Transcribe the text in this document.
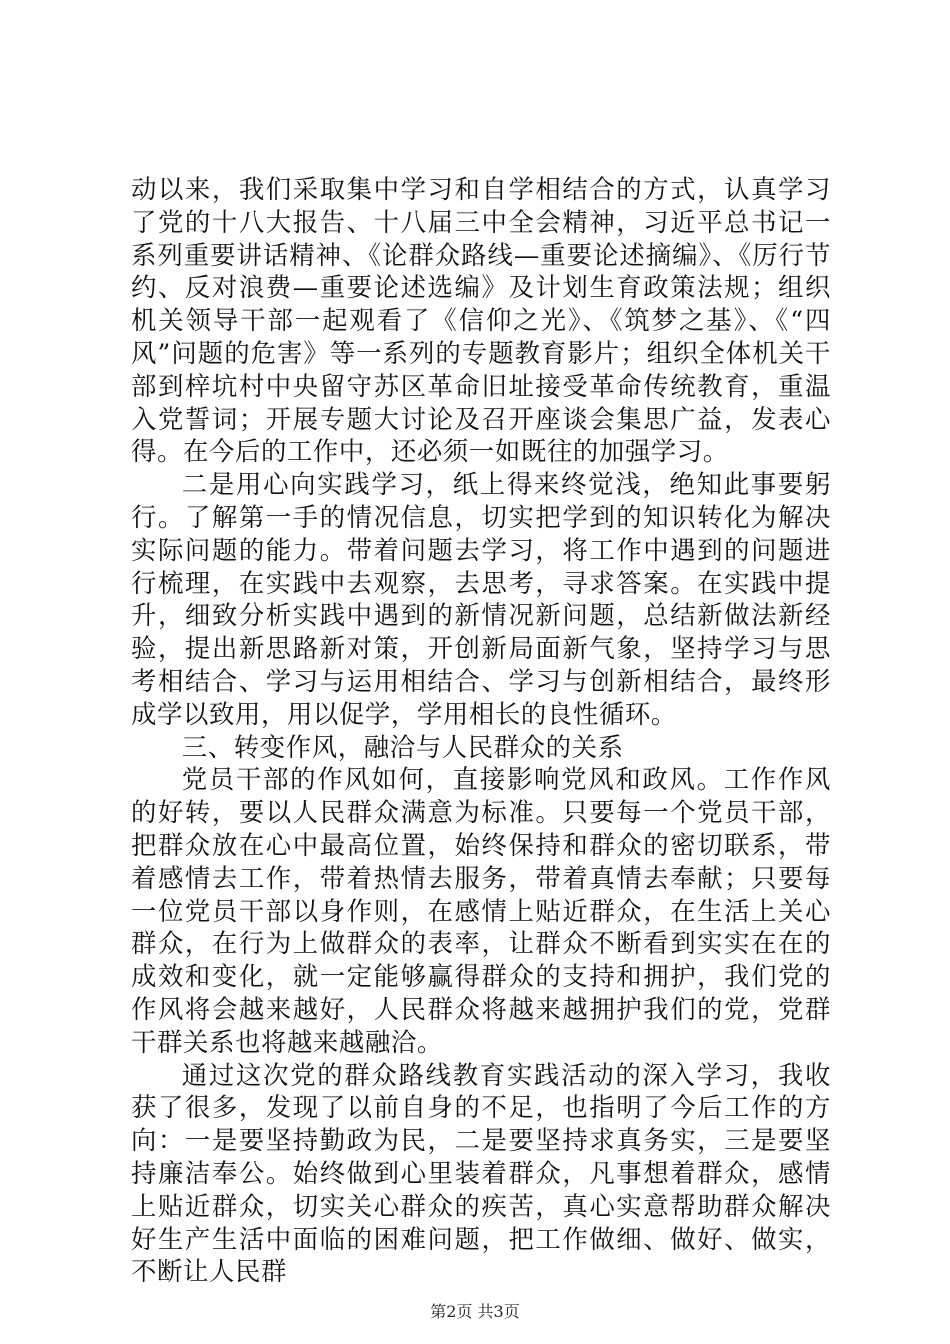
动以来，我们采取集中学习和自学相结合的方式，认真学习了党的十八大报告、十八届三中全会精神，习近平总书记一系列重要讲话精神、《论群众路线—重要论述摘编》、《厉行节约、反对浪费—重要论述选编》及计划生育政策法规；组织机关领导干部一起观看了《信仰之光》、《筑梦之基》、《“四风”问题的危害》等一系列的专题教育影片；组织全体机关干部到梓坑村中央留守苏区革命旧址接受革命传统教育，重温入党誓词；开展专题大讨论及召开座谈会集思广益，发表心得。在今后的工作中，还必须一如既往的加强学习。

二是用心向实践学习，纸上得来终觉浅，绝知此事要躬行。了解第一手的情况信息，切实把学到的知识转化为解决实际问题的能力。带着问题去学习，将工作中遇到的问题进行梳理，在实践中去观察，去思考，寻求答案。在实践中提升，细致分析实践中遇到的新情况新问题，总结新做法新经验，提出新思路新对策，开创新局面新气象，坚持学习与思考相结合、学习与运用相结合、学习与创新相结合，最终形成学以致用，用以促学，学用相长的良性循环。

三、转变作风，融洽与人民群众的关系

党员干部的作风如何，直接影响党风和政风。工作作风的好转，要以人民群众满意为标准。只要每一个党员干部，把群众放在心中最高位置，始终保持和群众的密切联系，带着感情去工作，带着热情去服务，带着真情去奉献；只要每一位党员干部以身作则，在感情上贴近群众，在生活上关心群众，在行为上做群众的表率，让群众不断看到实实在在的成效和变化，就一定能够赢得群众的支持和拥护，我们党的作风将会越来越好，人民群众将越来越拥护我们的党，党群干群关系也将越来越融洽。

通过这次党的群众路线教育实践活动的深入学习，我收获了很多，发现了以前自身的不足，也指明了今后工作的方向：一是要坚持勤政为民，二是要坚持求真务实，三是要坚持廉洁奉公。始终做到心里装着群众，凡事想着群众，感情上贴近群众，切实关心群众的疾苦，真心实意帮助群众解决好生产生活中面临的困难问题，把工作做细、做好、做实，不断让人民群

第2页 共3页
